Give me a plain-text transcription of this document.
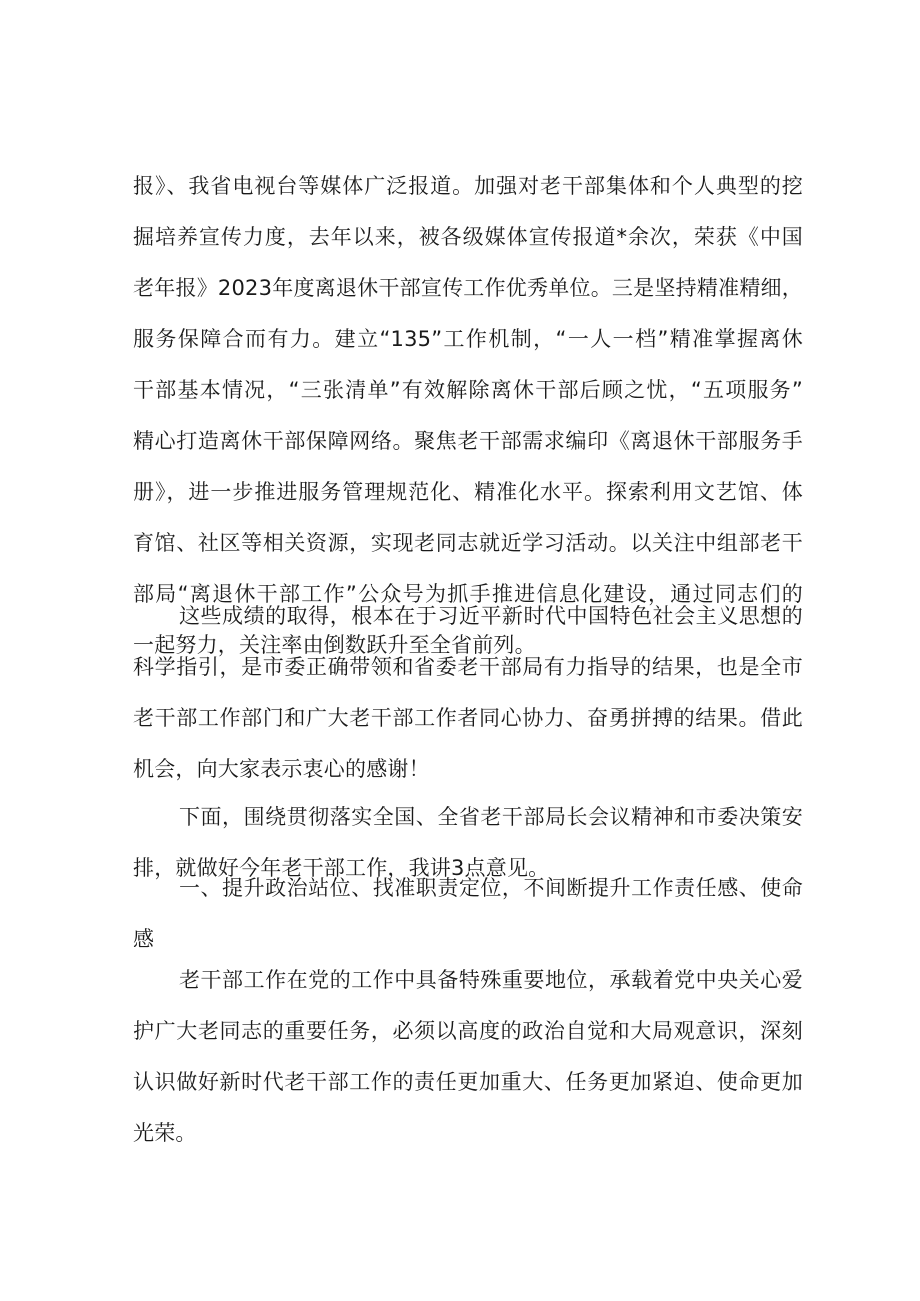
报》、我省电视台等媒体广泛报道。加强对老干部集体和个人典型的挖
掘培养宣传力度，去年以来，被各级媒体宣传报道*余次，荣获《中国
老年报》2023年度离退休干部宣传工作优秀单位。三是坚持精准精细，
服务保障合而有力。建立“135”工作机制，“一人一档”精准掌握离休
干部基本情况，“三张清单”有效解除离休干部后顾之忧，“五项服务”
精心打造离休干部保障网络。聚焦老干部需求编印《离退休干部服务手
册》，进一步推进服务管理规范化、精准化水平。探索利用文艺馆、体
育馆、社区等相关资源，实现老同志就近学习活动。以关注中组部老干
部局“离退休干部工作”公众号为抓手推进信息化建设，通过同志们的
一起努力，关注率由倒数跃升至全省前列。
这些成绩的取得，根本在于习近平新时代中国特色社会主义思想的
科学指引，是市委正确带领和省委老干部局有力指导的结果，也是全市
老干部工作部门和广大老干部工作者同心协力、奋勇拼搏的结果。借此
机会，向大家表示衷心的感谢！
下面，围绕贯彻落实全国、全省老干部局长会议精神和市委决策安
排，就做好今年老干部工作，我讲3点意见。
一、提升政治站位、找准职责定位，不间断提升工作责任感、使命
感
老干部工作在党的工作中具备特殊重要地位，承载着党中央关心爱
护广大老同志的重要任务，必须以高度的政治自觉和大局观意识，深刻
认识做好新时代老干部工作的责任更加重大、任务更加紧迫、使命更加
光荣。
